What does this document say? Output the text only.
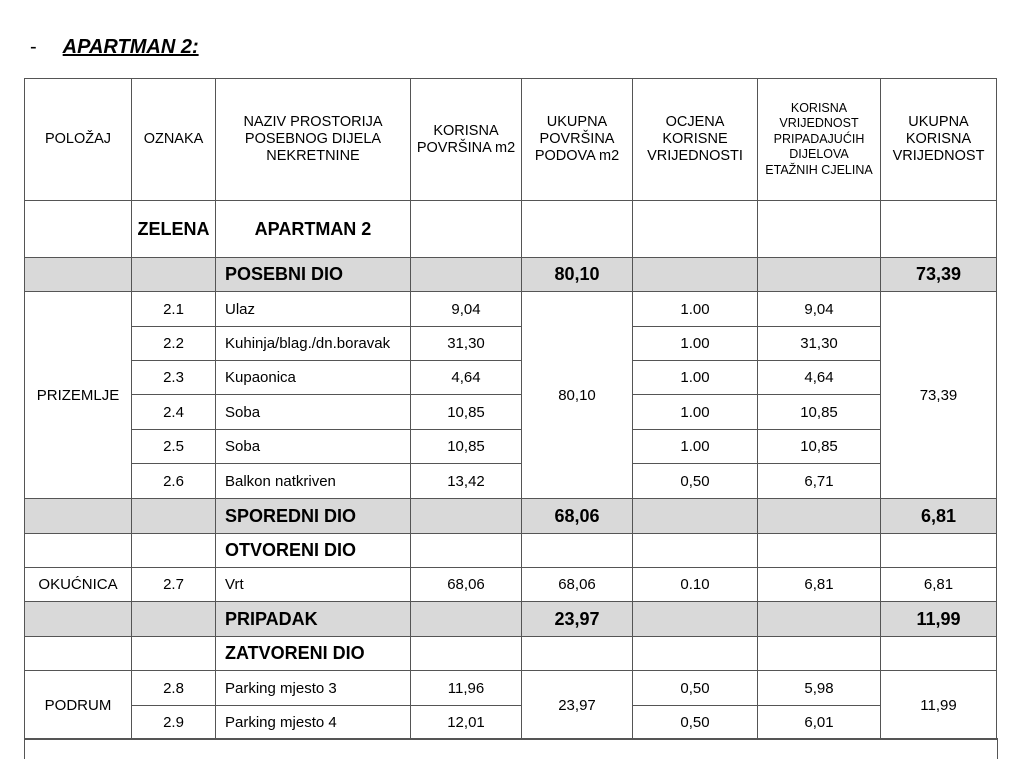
- APARTMAN 2:
POLOŽAJ	OZNAKA	NAZIV PROSTORIJA POSEBNOG DIJELA NEKRETNINE	KORISNA POVRŠINA m2	UKUPNA POVRŠINA PODOVA m2	OCJENA KORISNE VRIJEDNOSTI	KORISNA VRIJEDNOST PRIPADAJUĆIH DIJELOVA ETAŽNIH CJELINA	UKUPNA KORISNA VRIJEDNOST
	ZELENA	APARTMAN 2					
		POSEBNI DIO		80,10			73,39
PRIZEMLJE	2.1	Ulaz	9,04	80,10	1.00	9,04	73,39
	2.2	Kuhinja/blag./dn.boravak	31,30		1.00	31,30	
	2.3	Kupaonica	4,64		1.00	4,64	
	2.4	Soba	10,85		1.00	10,85	
	2.5	Soba	10,85		1.00	10,85	
	2.6	Balkon natkriven	13,42		0,50	6,71	
		SPOREDNI DIO		68,06			6,81
		OTVORENI DIO					
OKUĆNICA	2.7	Vrt	68,06	68,06	0.10	6,81	6,81
		PRIPADAK		23,97			11,99
		ZATVORENI DIO					
PODRUM	2.8	Parking mjesto 3	11,96	23,97	0,50	5,98	11,99
	2.9	Parking mjesto 4	12,01		0,50	6,01	
